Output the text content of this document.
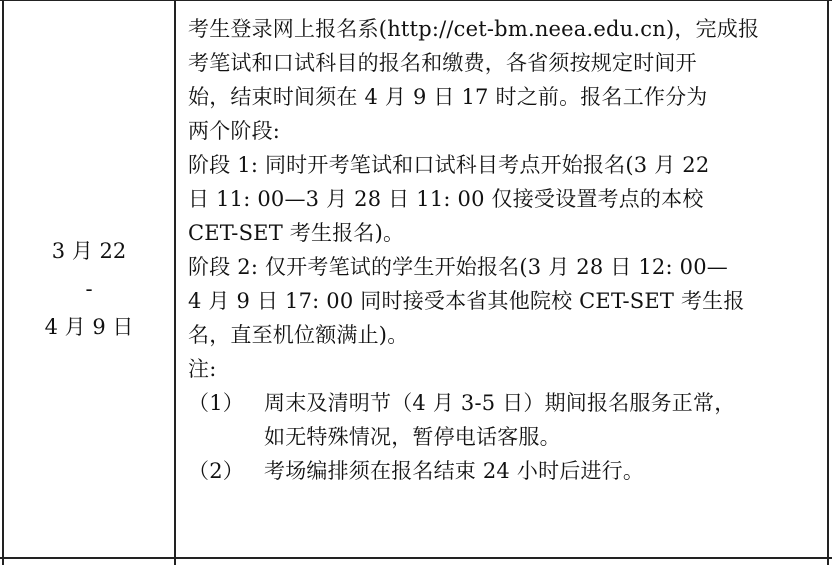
3 月 22
-
4 月 9 日
考生登录网上报名系(http://cet-bm.neea.edu.cn)，完成报
考笔试和口试科目的报名和缴费，各省须按规定时间开
始，结束时间须在 4 月 9 日 17 时之前。报名工作分为
两个阶段:
阶段 1: 同时开考笔试和口试科目考点开始报名(3 月 22
日 11: 00—3 月 28 日 11: 00 仅接受设置考点的本校
CET-SET 考生报名)。
阶段 2: 仅开考笔试的学生开始报名(3 月 28 日 12: 00—
4 月 9 日 17: 00 同时接受本省其他院校 CET-SET 考生报
名，直至机位额满止)。
注:
（1） 周末及清明节（4 月 3-5 日）期间报名服务正常，
如无特殊情况，暂停电话客服。
（2） 考场编排须在报名结束 24 小时后进行。
